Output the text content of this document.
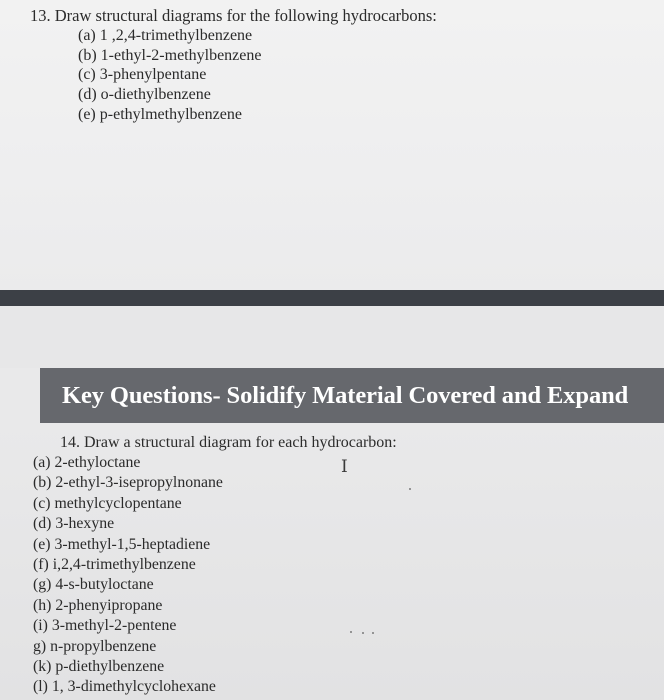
13. Draw structural diagrams for the following hydrocarbons:
(a) 1 ,2,4-trimethylbenzene
(b) 1-ethyl-2-methylbenzene
(c) 3-phenylpentane
(d) o-diethylbenzene
(e) p-ethylmethylbenzene
Key Questions- Solidify Material Covered and Expand
14. Draw a structural diagram for each hydrocarbon:
(a) 2-ethyloctane
(b) 2-ethyl-3-isepropylnonane
(c) methylcyclopentane
(d) 3-hexyne
(e) 3-methyl-1,5-heptadiene
(f) i,2,4-trimethylbenzene
(g) 4-s-butyloctane
(h) 2-phenyipropane
(i) 3-methyl-2-pentene
g) n-propylbenzene
(k) p-diethylbenzene
(l) 1, 3-dimethylcyclohexane
I
